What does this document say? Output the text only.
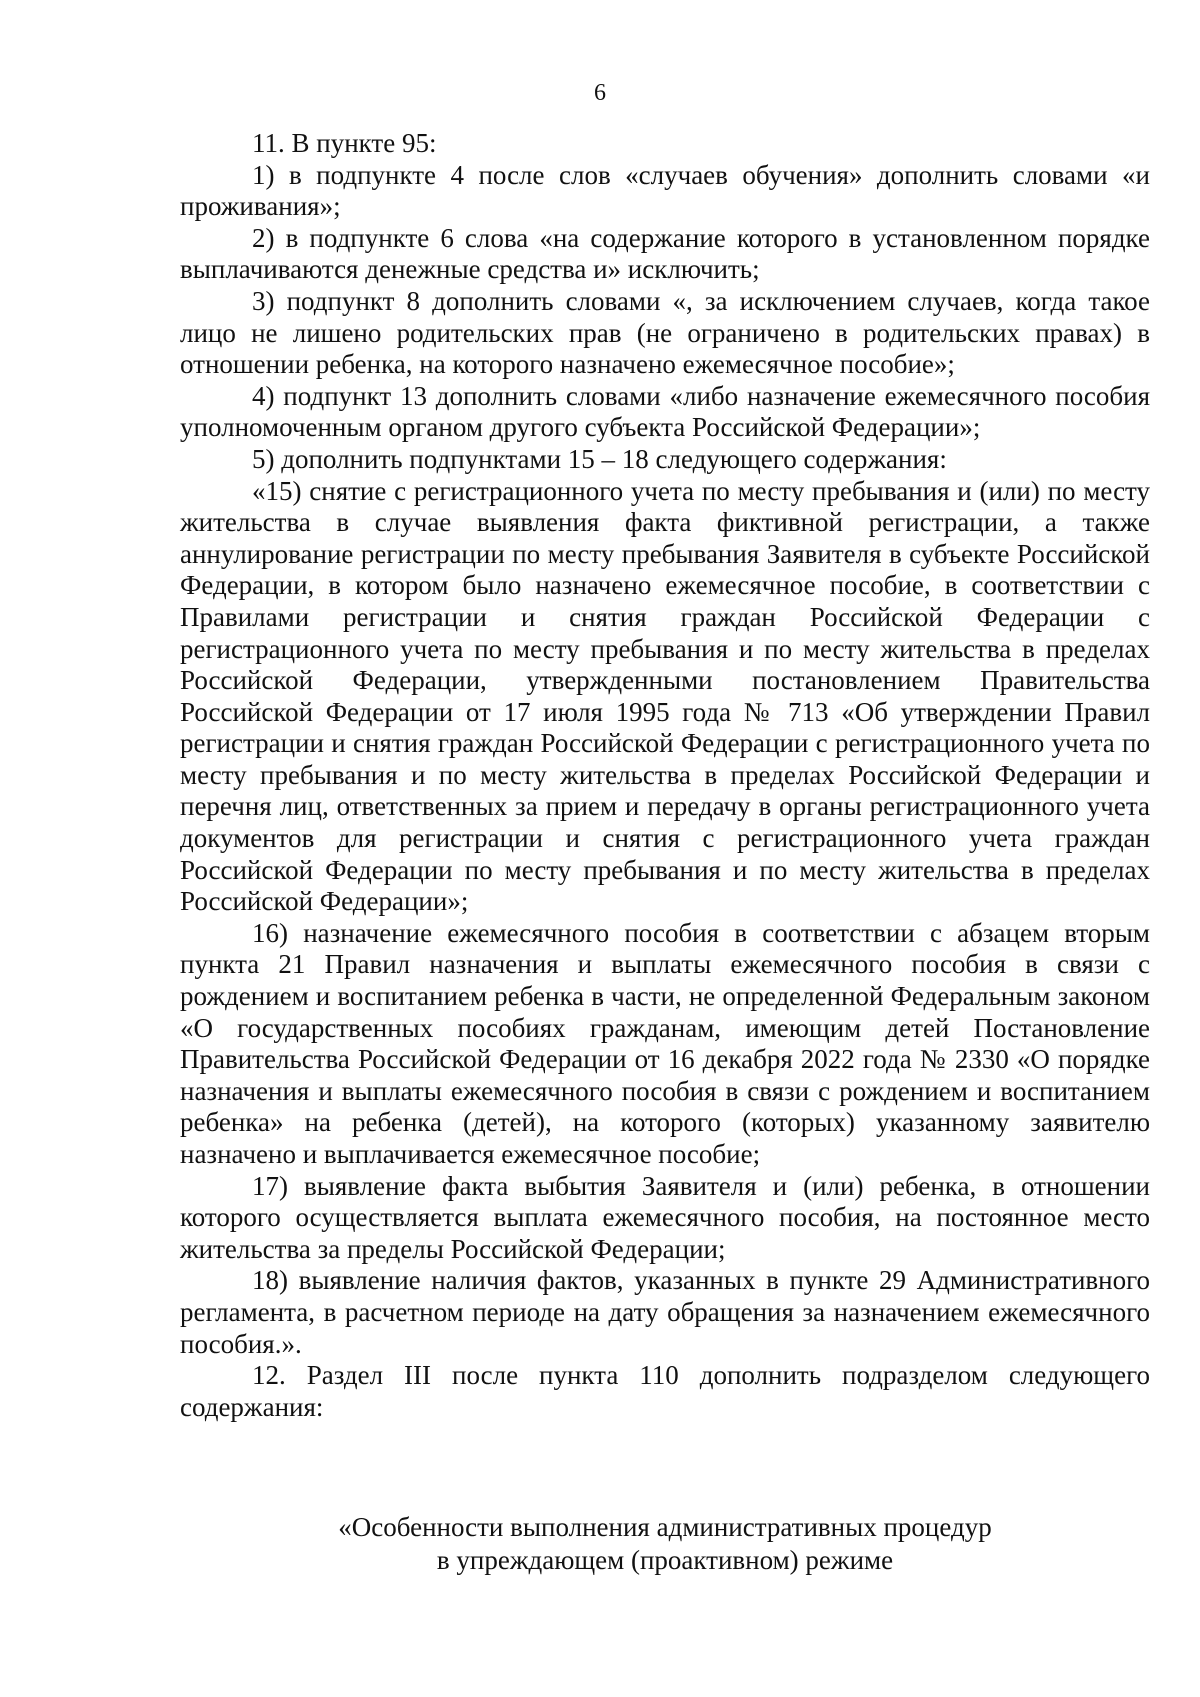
6

11. В пункте 95:

1) в подпункте 4 после слов «случаев обучения» дополнить словами «и проживания»;

2) в подпункте 6 слова «на содержание которого в установленном порядке выплачиваются денежные средства и» исключить;

3) подпункт 8 дополнить словами «, за исключением случаев, когда такое лицо не лишено родительских прав (не ограничено в родительских правах) в отношении ребенка, на которого назначено ежемесячное пособие»;

4) подпункт 13 дополнить словами «либо назначение ежемесячного пособия уполномоченным органом другого субъекта Российской Федерации»;

5) дополнить подпунктами 15 – 18 следующего содержания:

«15) снятие с регистрационного учета по месту пребывания и (или) по месту жительства в случае выявления факта фиктивной регистрации, а также аннулирование регистрации по месту пребывания Заявителя в субъекте Российской Федерации, в котором было назначено ежемесячное пособие, в соответствии с Правилами регистрации и снятия граждан Российской Федерации с регистрационного учета по месту пребывания и по месту жительства в пределах Российской Федерации, утвержденными постановлением Правительства Российской Федерации от 17 июля 1995 года № 713 «Об утверждении Правил регистрации и снятия граждан Российской Федерации с регистрационного учета по месту пребывания и по месту жительства в пределах Российской Федерации и перечня лиц, ответственных за прием и передачу в органы регистрационного учета документов для регистрации и снятия с регистрационного учета граждан Российской Федерации по месту пребывания и по месту жительства в пределах Российской Федерации»;

16) назначение ежемесячного пособия в соответствии с абзацем вторым пункта 21 Правил назначения и выплаты ежемесячного пособия в связи с рождением и воспитанием ребенка в части, не определенной Федеральным законом «О государственных пособиях гражданам, имеющим детей Постановление Правительства Российской Федерации от 16 декабря 2022 года № 2330 «О порядке назначения и выплаты ежемесячного пособия в связи с рождением и воспитанием ребенка» на ребенка (детей), на которого (которых) указанному заявителю назначено и выплачивается ежемесячное пособие;

17) выявление факта выбытия Заявителя и (или) ребенка, в отношении которого осуществляется выплата ежемесячного пособия, на постоянное место жительства за пределы Российской Федерации;

18) выявление наличия фактов, указанных в пункте 29 Административного регламента, в расчетном периоде на дату обращения за назначением ежемесячного пособия.».

12. Раздел III после пункта 110 дополнить подразделом следующего содержания:

«Особенности выполнения административных процедур
в упреждающем (проактивном) режиме
